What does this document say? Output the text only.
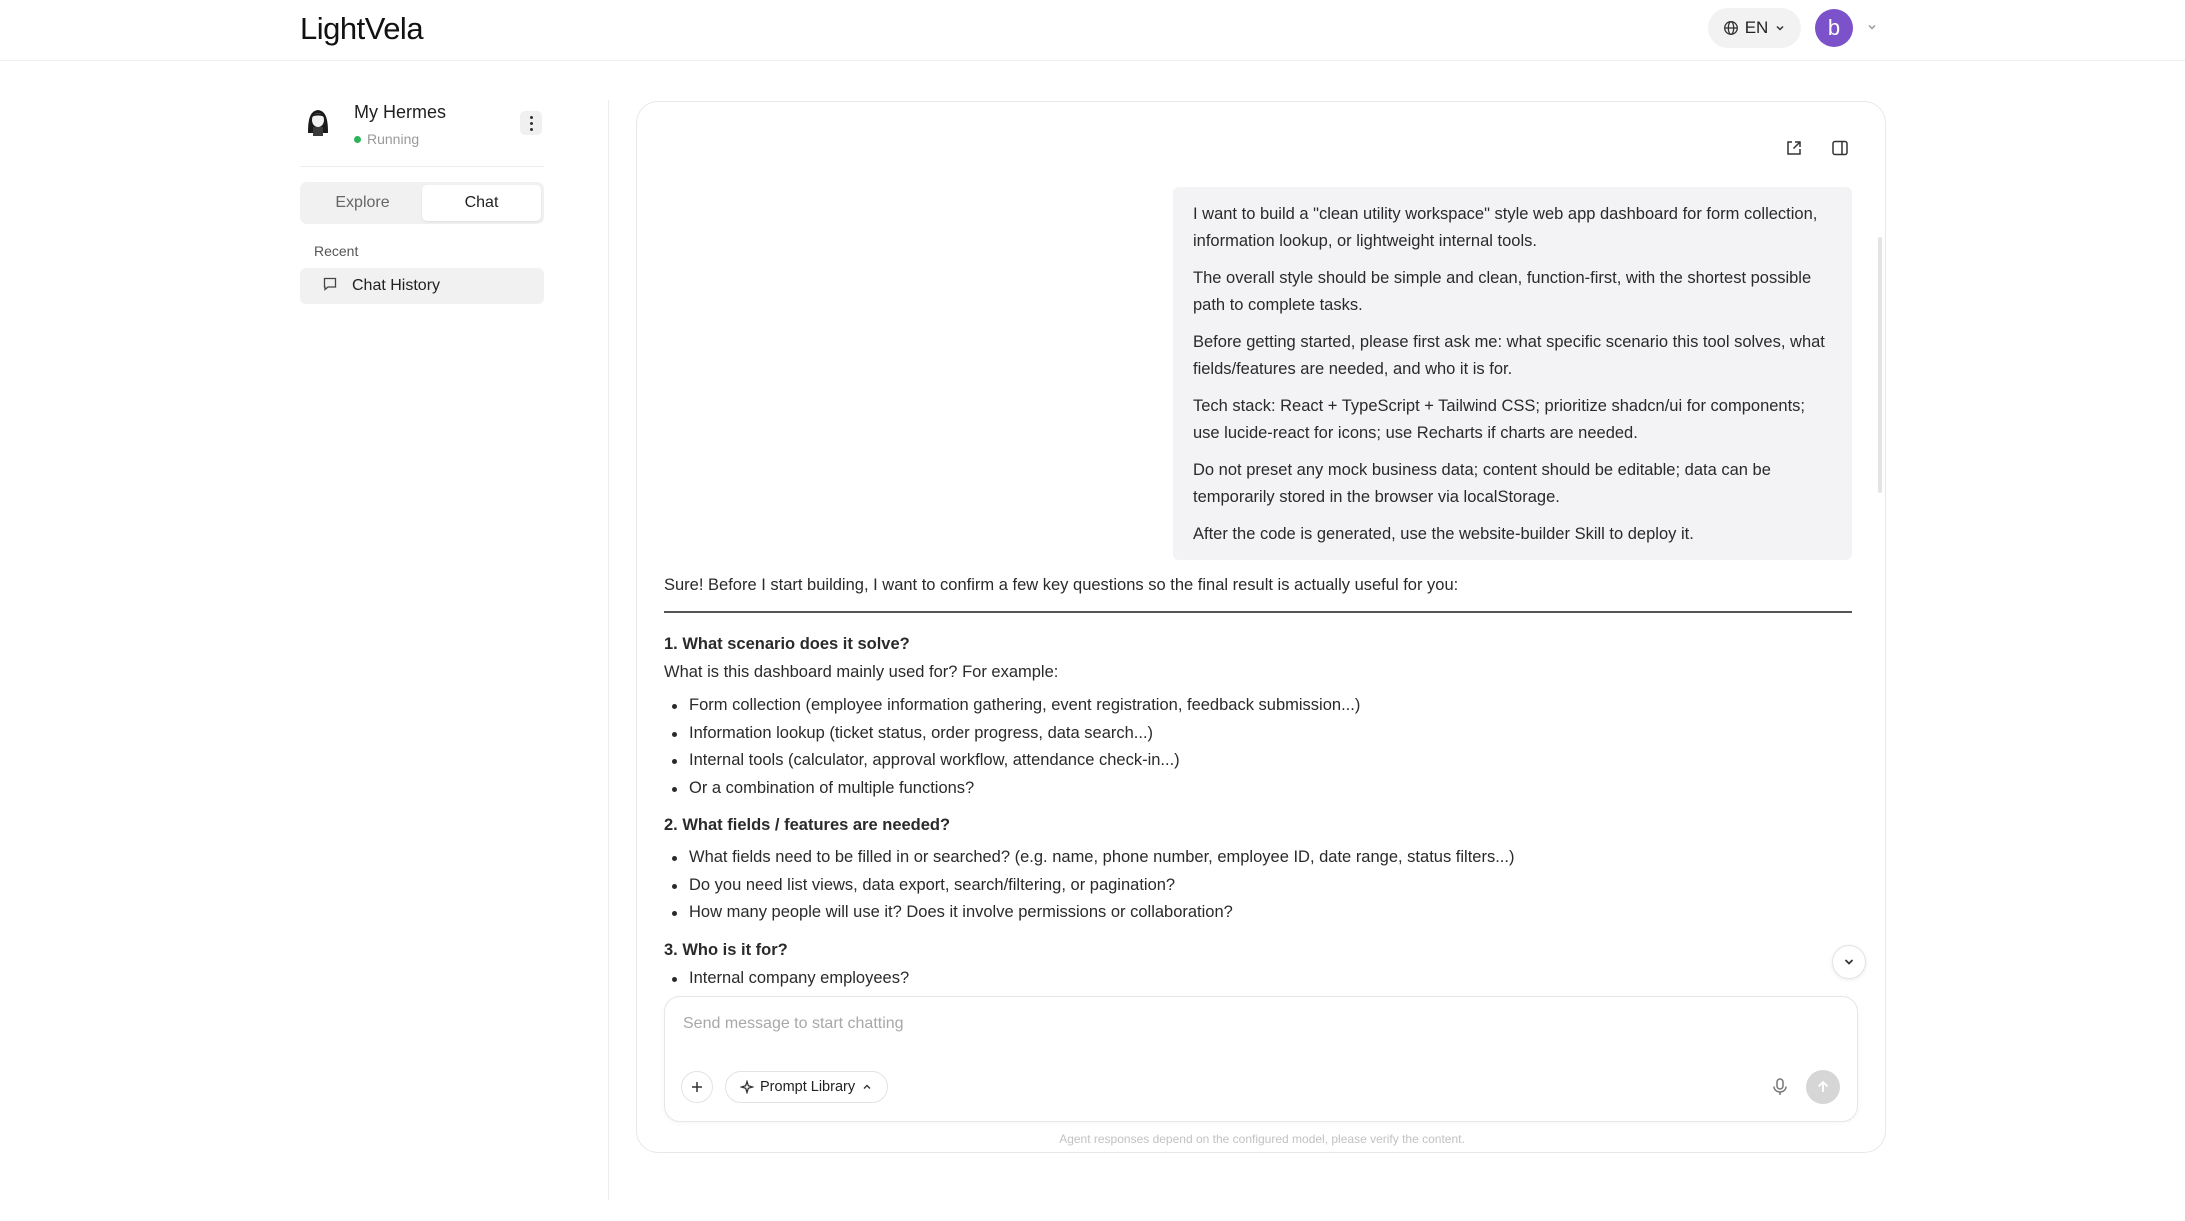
LightVela	EN	b
My Hermes
Running
Explore	Chat
Recent
Chat History

I want to build a "clean utility workspace" style web app dashboard for form collection, information lookup, or lightweight internal tools.

The overall style should be simple and clean, function-first, with the shortest possible path to complete tasks.

Before getting started, please first ask me: what specific scenario this tool solves, what fields/features are needed, and who it is for.

Tech stack: React + TypeScript + Tailwind CSS; prioritize shadcn/ui for components; use lucide-react for icons; use Recharts if charts are needed.

Do not preset any mock business data; content should be editable; data can be temporarily stored in the browser via localStorage.

After the code is generated, use the website-builder Skill to deploy it.

Sure! Before I start building, I want to confirm a few key questions so the final result is actually useful for you:
1. What scenario does it solve?
What is this dashboard mainly used for? For example:
Form collection (employee information gathering, event registration, feedback submission...)
Information lookup (ticket status, order progress, data search...)
Internal tools (calculator, approval workflow, attendance check-in...)
Or a combination of multiple functions?
2. What fields / features are needed?
What fields need to be filled in or searched? (e.g. name, phone number, employee ID, date range, status filters...)
Do you need list views, data export, search/filtering, or pagination?
How many people will use it? Does it involve permissions or collaboration?
3. Who is it for?
Internal company employees?
Send message to start chatting
Prompt Library
Agent responses depend on the configured model, please verify the content.
